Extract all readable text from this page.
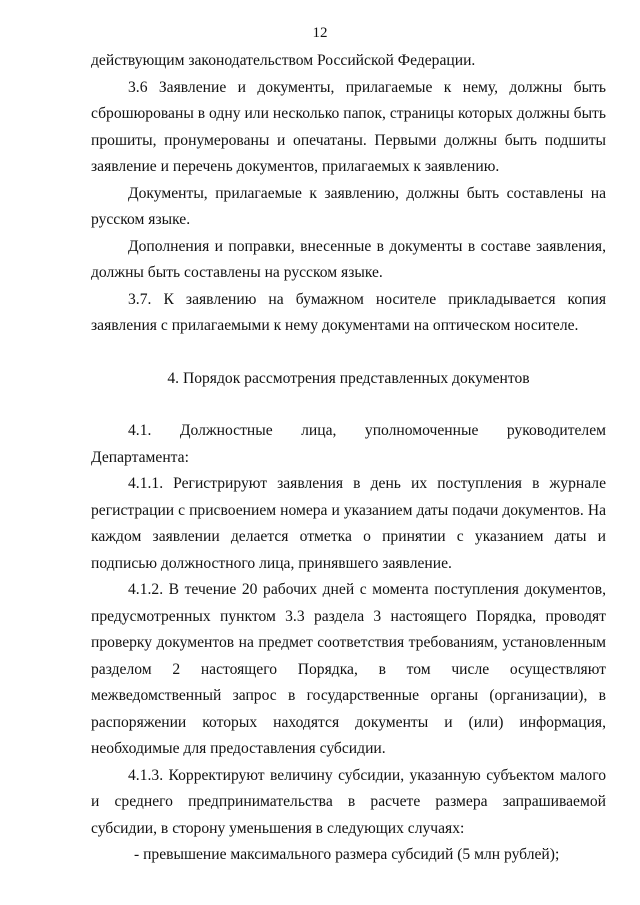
12

действующим законодательством Российской Федерации.

3.6 Заявление и документы, прилагаемые к нему, должны быть сброшюрованы в одну или несколько папок, страницы которых должны быть прошиты, пронумерованы и опечатаны. Первыми должны быть подшиты заявление и перечень документов, прилагаемых к заявлению.

Документы, прилагаемые к заявлению, должны быть составлены на русском языке.

Дополнения и поправки, внесенные в документы в составе заявления, должны быть составлены на русском языке.

3.7. К заявлению на бумажном носителе прикладывается копия заявления с прилагаемыми к нему документами на оптическом носителе.

4. Порядок рассмотрения представленных документов

4.1. Должностные лица, уполномоченные руководителем Департамента:

4.1.1. Регистрируют заявления в день их поступления в журнале регистрации с присвоением номера и указанием даты подачи документов. На каждом заявлении делается отметка о принятии с указанием даты и подписью должностного лица, принявшего заявление.

4.1.2. В течение 20 рабочих дней с момента поступления документов, предусмотренных пунктом 3.3 раздела 3 настоящего Порядка, проводят проверку документов на предмет соответствия требованиям, установленным разделом 2 настоящего Порядка, в том числе осуществляют межведомственный запрос в государственные органы (организации), в распоряжении которых находятся документы и (или) информация, необходимые для предоставления субсидии.

4.1.3. Корректируют величину субсидии, указанную субъектом малого и среднего предпринимательства в расчете размера запрашиваемой субсидии, в сторону уменьшения в следующих случаях:

- превышение максимального размера субсидий (5 млн рублей);
